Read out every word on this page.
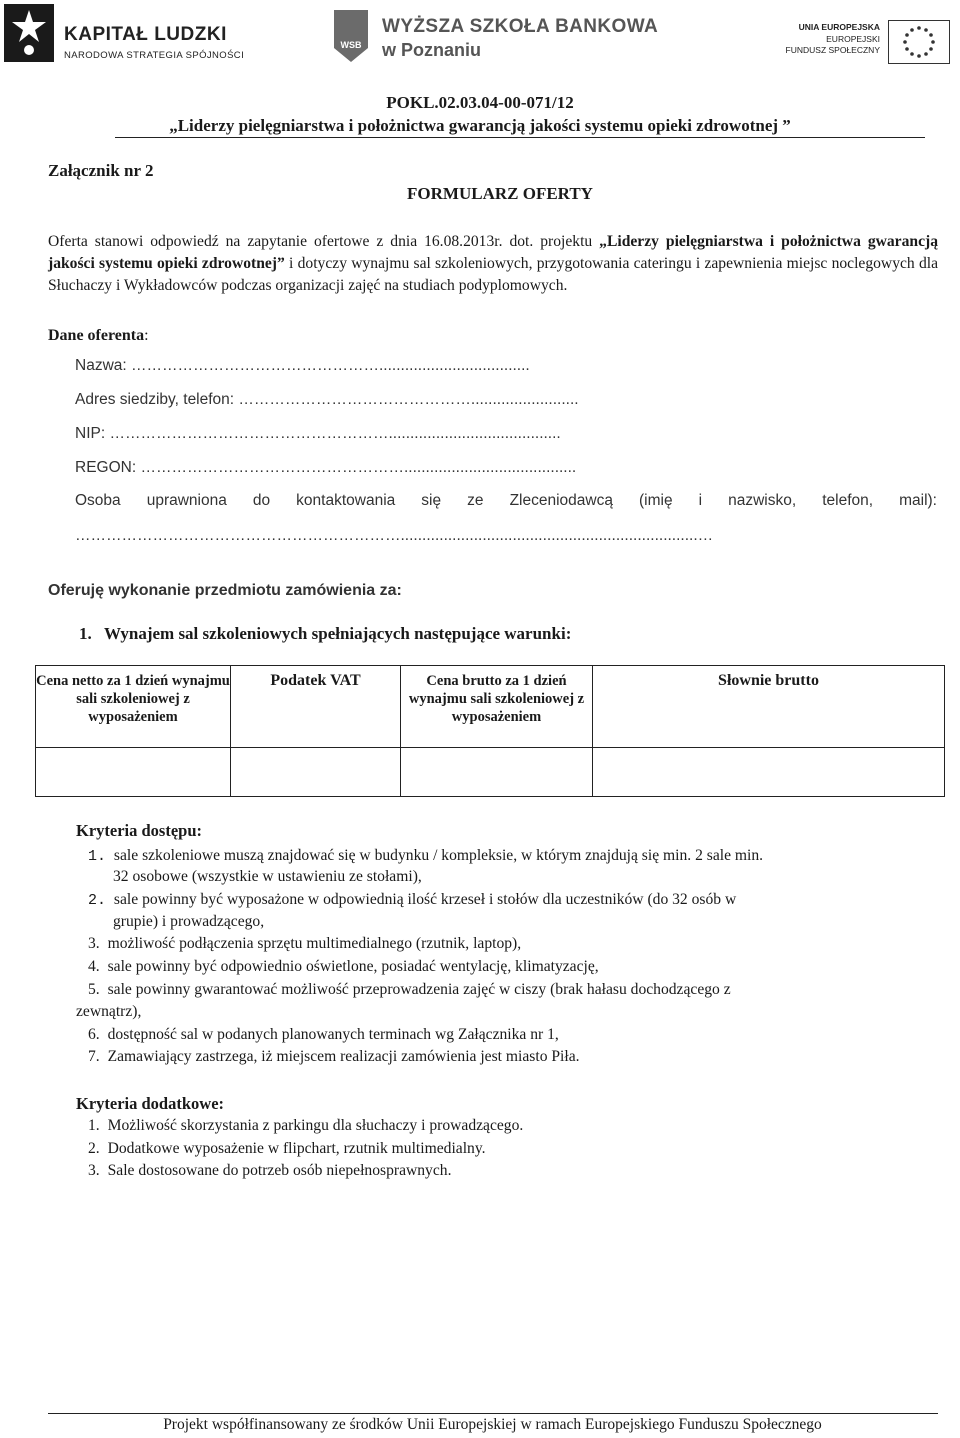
KAPITAŁ LUDZKI
NARODOWA STRATEGIA SPÓJNOŚCI
WSB
WYŻSZA SZKOŁA BANKOWA
w Poznaniu
UNIA EUROPEJSKA
EUROPEJSKI
FUNDUSZ SPOŁECZNY
POKL.02.03.04-00-071/12
„Liderzy pielęgniarstwa i położnictwa gwarancją jakości systemu opieki zdrowotnej ”
Załącznik nr 2
FORMULARZ OFERTY
Oferta stanowi odpowiedź na zapytanie ofertowe z dnia 16.08.2013r. dot. projektu „Liderzy pielęgniarstwa i położnictwa gwarancją jakości systemu opieki zdrowotnej” i dotyczy wynajmu sal szkoleniowych, przygotowania cateringu i zapewnienia miejsc noclegowych dla Słuchaczy i Wykładowców podczas organizacji zajęć na studiach podyplomowych.
Dane oferenta:
Nazwa: …………………………………………...................................
Adres siedziby, telefon: ……………………………………….........................
NIP: ………………………………………………........................................
REGON: ……………………………………………........................................
Osoba uprawniona do kontaktowania się ze Zleceniodawcą (imię i nazwisko, telefon, mail):
……………………………………………………….....................................................................…
Oferuję wykonanie przedmiotu zamówienia za:
1. Wynajem sal szkoleniowych spełniających następujące warunki:
Cena netto za 1 dzień wynajmu sali szkoleniowej z wyposażeniem	Podatek VAT	Cena brutto za 1 dzień wynajmu sali szkoleniowej z wyposażeniem	Słownie brutto

Kryteria dostępu:
1. sale szkoleniowe muszą znajdować się w budynku / kompleksie, w którym znajdują się min. 2 sale min.
32 osobowe (wszystkie w ustawieniu ze stołami),
2. sale powinny być wyposażone w odpowiednią ilość krzeseł i stołów dla uczestników (do 32 osób w
grupie) i prowadzącego,
3. możliwość podłączenia sprzętu multimedialnego (rzutnik, laptop),
4. sale powinny być odpowiednio oświetlone, posiadać wentylację, klimatyzację,
5. sale powinny gwarantować możliwość przeprowadzenia zajęć w ciszy (brak hałasu dochodzącego z
zewnątrz),
6. dostępność sal w podanych planowanych terminach wg Załącznika nr 1,
7. Zamawiający zastrzega, iż miejscem realizacji zamówienia jest miasto Piła.
Kryteria dodatkowe:
1. Możliwość skorzystania z parkingu dla słuchaczy i prowadzącego.
2. Dodatkowe wyposażenie w flipchart, rzutnik multimedialny.
3. Sale dostosowane do potrzeb osób niepełnosprawnych.
Projekt współfinansowany ze środków Unii Europejskiej w ramach Europejskiego Funduszu Społecznego
